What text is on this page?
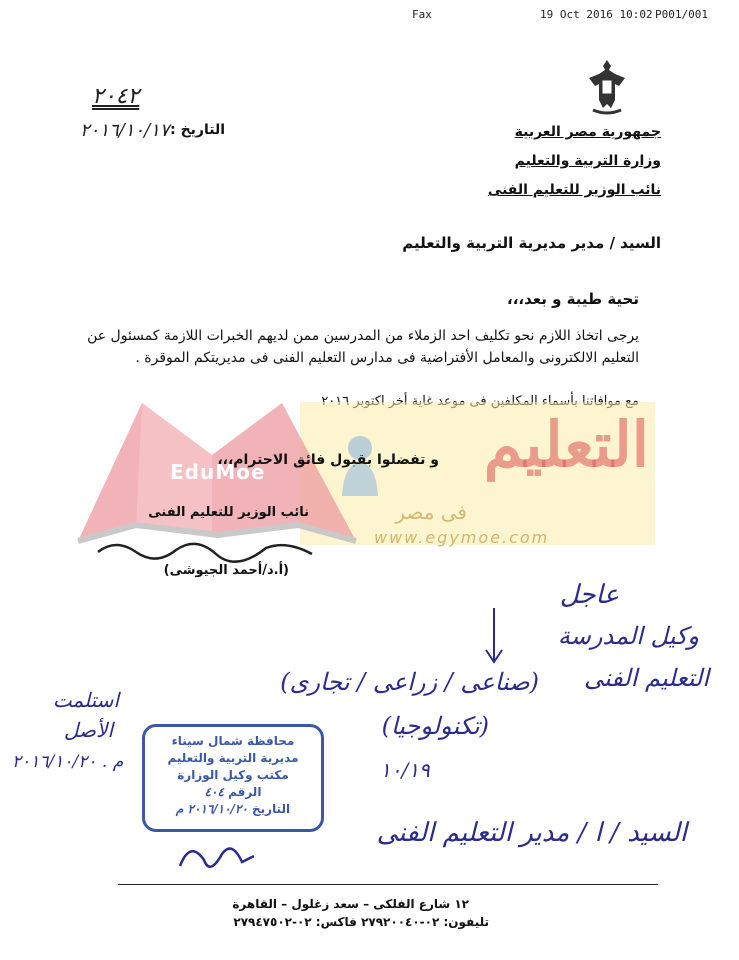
Fax	19 Oct 2016 10:02 P001/001
٢٠٤٢
التاريخ :
٢٠١٦/١٠/١٧	جمهورية مصر العربية
وزارة التربية والتعليم
نائب الوزير للتعليم الفنى
السيد / مدير مديرية التربية والتعليم
تحية طيبة و بعد،،،
يرجى اتخاذ اللازم نحو تكليف احد الزملاء من المدرسين ممن لديهم الخبرات اللازمة كمسئول عن التعليم الالكترونى والمعامل الأفتراضية فى مدارس التعليم الفنى فى مديريتكم الموقرة .
EduMoe	التعليم
فى مصر
www.egymoe.com
و تفضلوا بقبول فائق الاحترام،،،
نائب الوزير للتعليم الفنى
(أ.د/أحمد الجيوشى)
عاجل
وكيل المدرسة
التعليم الفنى
(صناعى / زراعى / تجارى)
(تكنولوجيا)
١٠/١٩
استلمت
الأصل
م . ٢٠١٦/١٠/٢٠
محافظة شمال سيناء
مديرية التربية والتعليم
مكتب وكيل الوزارة
الرقم ٤٠٤
التاريخ ٢٠١٦/١٠/٢٠ م
السيد / ا / مدير التعليم الفنى
١٢ شارع الفلكى – سعد زغلول – القاهرة
تليفون: ٠٢-٢٧٩٢٠٠٤٠ فاكس: ٠٢-٢٧٩٤٧٥٠٢
